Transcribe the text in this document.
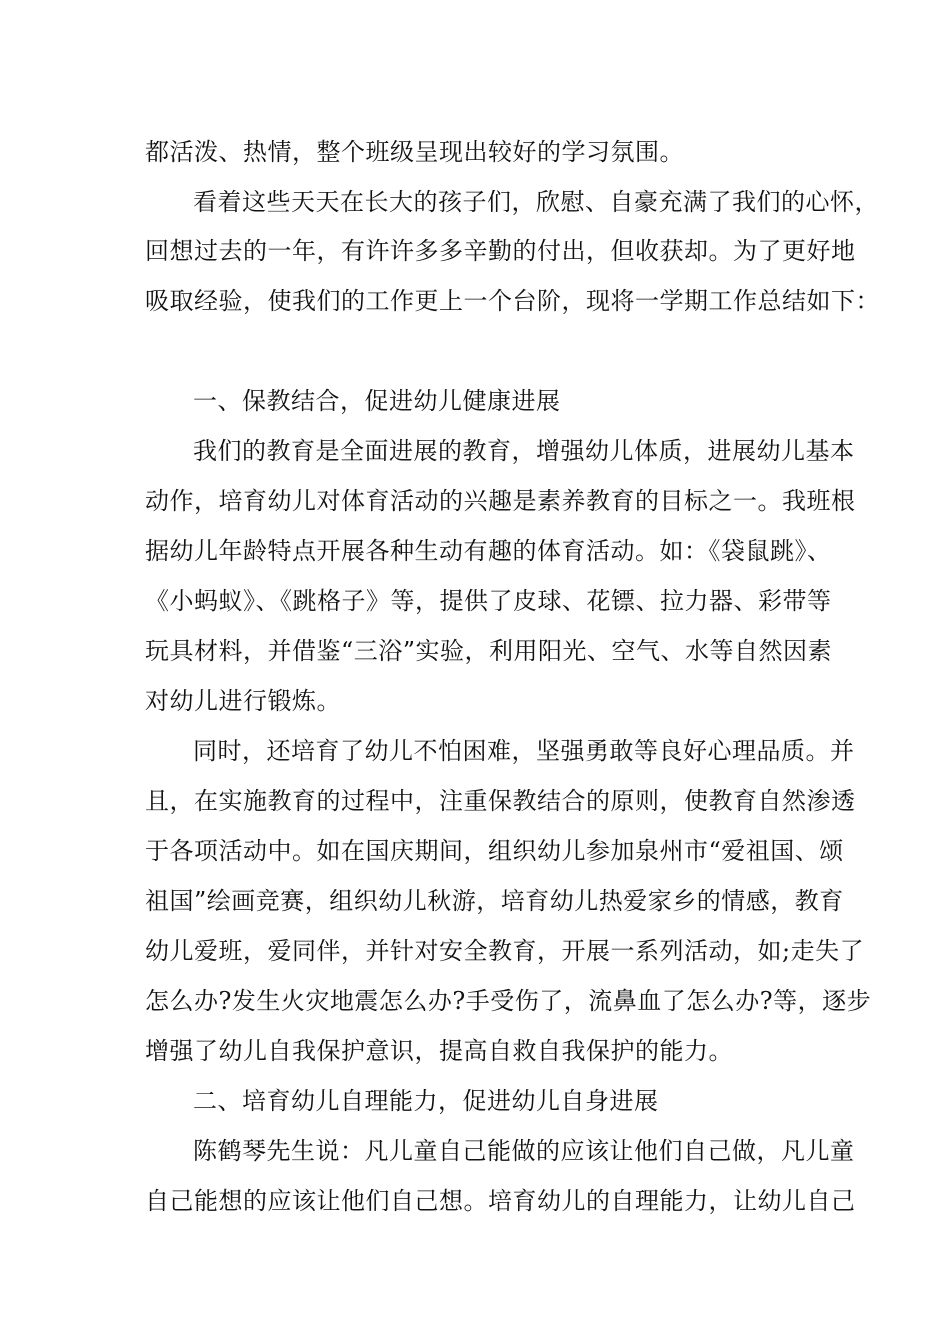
都活泼、热情，整个班级呈现出较好的学习氛围。
看着这些天天在长大的孩子们，欣慰、自豪充满了我们的心怀，
回想过去的一年，有许许多多辛勤的付出，但收获却。为了更好地
吸取经验，使我们的工作更上一个台阶，现将一学期工作总结如下：
一、保教结合，促进幼儿健康进展
我们的教育是全面进展的教育，增强幼儿体质，进展幼儿基本
动作，培育幼儿对体育活动的兴趣是素养教育的目标之一。我班根
据幼儿年龄特点开展各种生动有趣的体育活动。如：《袋鼠跳》、
《小蚂蚁》、《跳格子》等，提供了皮球、花镖、拉力器、彩带等
玩具材料，并借鉴“三浴”实验，利用阳光、空气、水等自然因素
对幼儿进行锻炼。
同时，还培育了幼儿不怕困难，坚强勇敢等良好心理品质。并
且，在实施教育的过程中，注重保教结合的原则，使教育自然渗透
于各项活动中。如在国庆期间，组织幼儿参加泉州市“爱祖国、颂
祖国”绘画竞赛，组织幼儿秋游，培育幼儿热爱家乡的情感，教育
幼儿爱班，爱同伴，并针对安全教育，开展一系列活动，如;走失了
怎么办?发生火灾地震怎么办?手受伤了，流鼻血了怎么办?等，逐步
增强了幼儿自我保护意识，提高自救自我保护的能力。
二、培育幼儿自理能力，促进幼儿自身进展
陈鹤琴先生说：凡儿童自己能做的应该让他们自己做，凡儿童
自己能想的应该让他们自己想。培育幼儿的自理能力，让幼儿自己
